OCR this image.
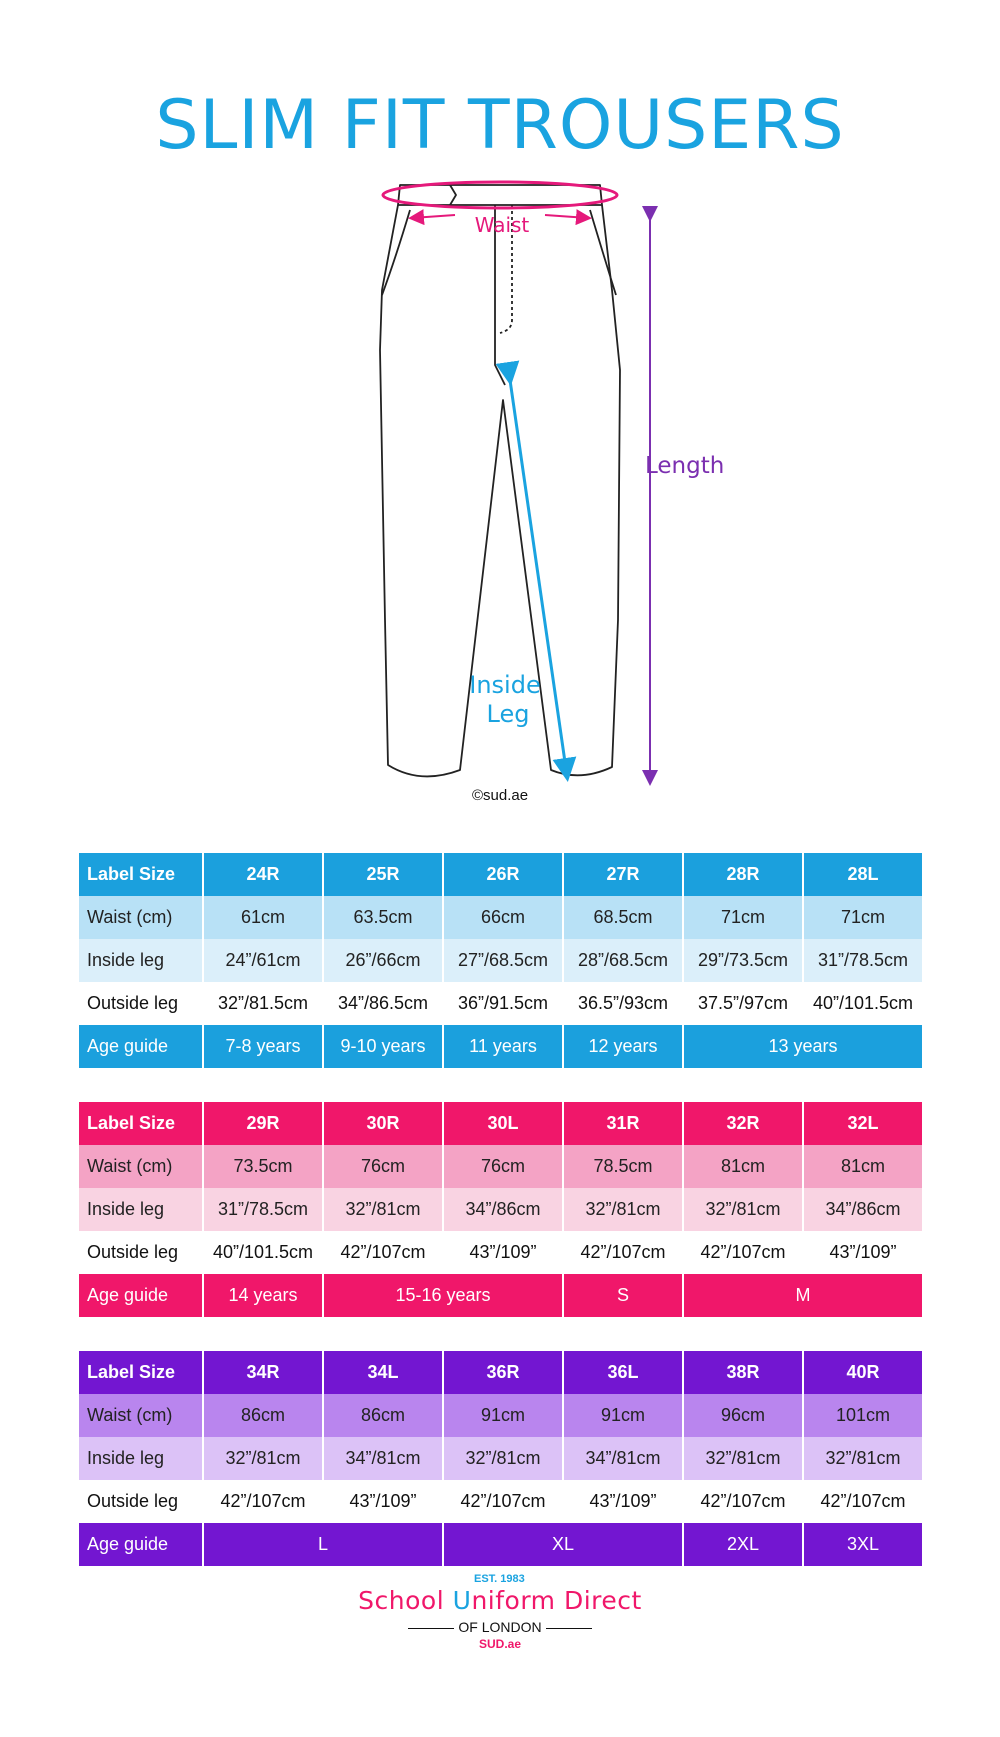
SLIM FIT TROUSERS
Waist
Length
Inside
Leg
©sud.ae
Label Size	24R	25R	26R	27R	28R	28L
Waist (cm)	61cm	63.5cm	66cm	68.5cm	71cm	71cm
Inside leg	24”/61cm	26”/66cm	27”/68.5cm	28”/68.5cm	29”/73.5cm	31”/78.5cm
Outside leg	32”/81.5cm	34”/86.5cm	36”/91.5cm	36.5”/93cm	37.5”/97cm	40”/101.5cm
Age guide	7-8 years	9-10 years	11 years	12 years	13 years	
Label Size	29R	30R	30L	31R	32R	32L
Waist (cm)	73.5cm	76cm	76cm	78.5cm	81cm	81cm
Inside leg	31”/78.5cm	32”/81cm	34”/86cm	32”/81cm	32”/81cm	34”/86cm
Outside leg	40”/101.5cm	42”/107cm	43”/109”	42”/107cm	42”/107cm	43”/109”
Age guide	14 years	15-16 years		S	M	
Label Size	34R	34L	36R	36L	38R	40R
Waist (cm)	86cm	86cm	91cm	91cm	96cm	101cm
Inside leg	32”/81cm	34”/81cm	32”/81cm	34”/81cm	32”/81cm	32”/81cm
Outside leg	42”/107cm	43”/109”	42”/107cm	43”/109”	42”/107cm	42”/107cm
Age guide	L		XL		2XL	3XL
EST. 1983
School Uniform Direct
OF LONDON
SUD.ae
